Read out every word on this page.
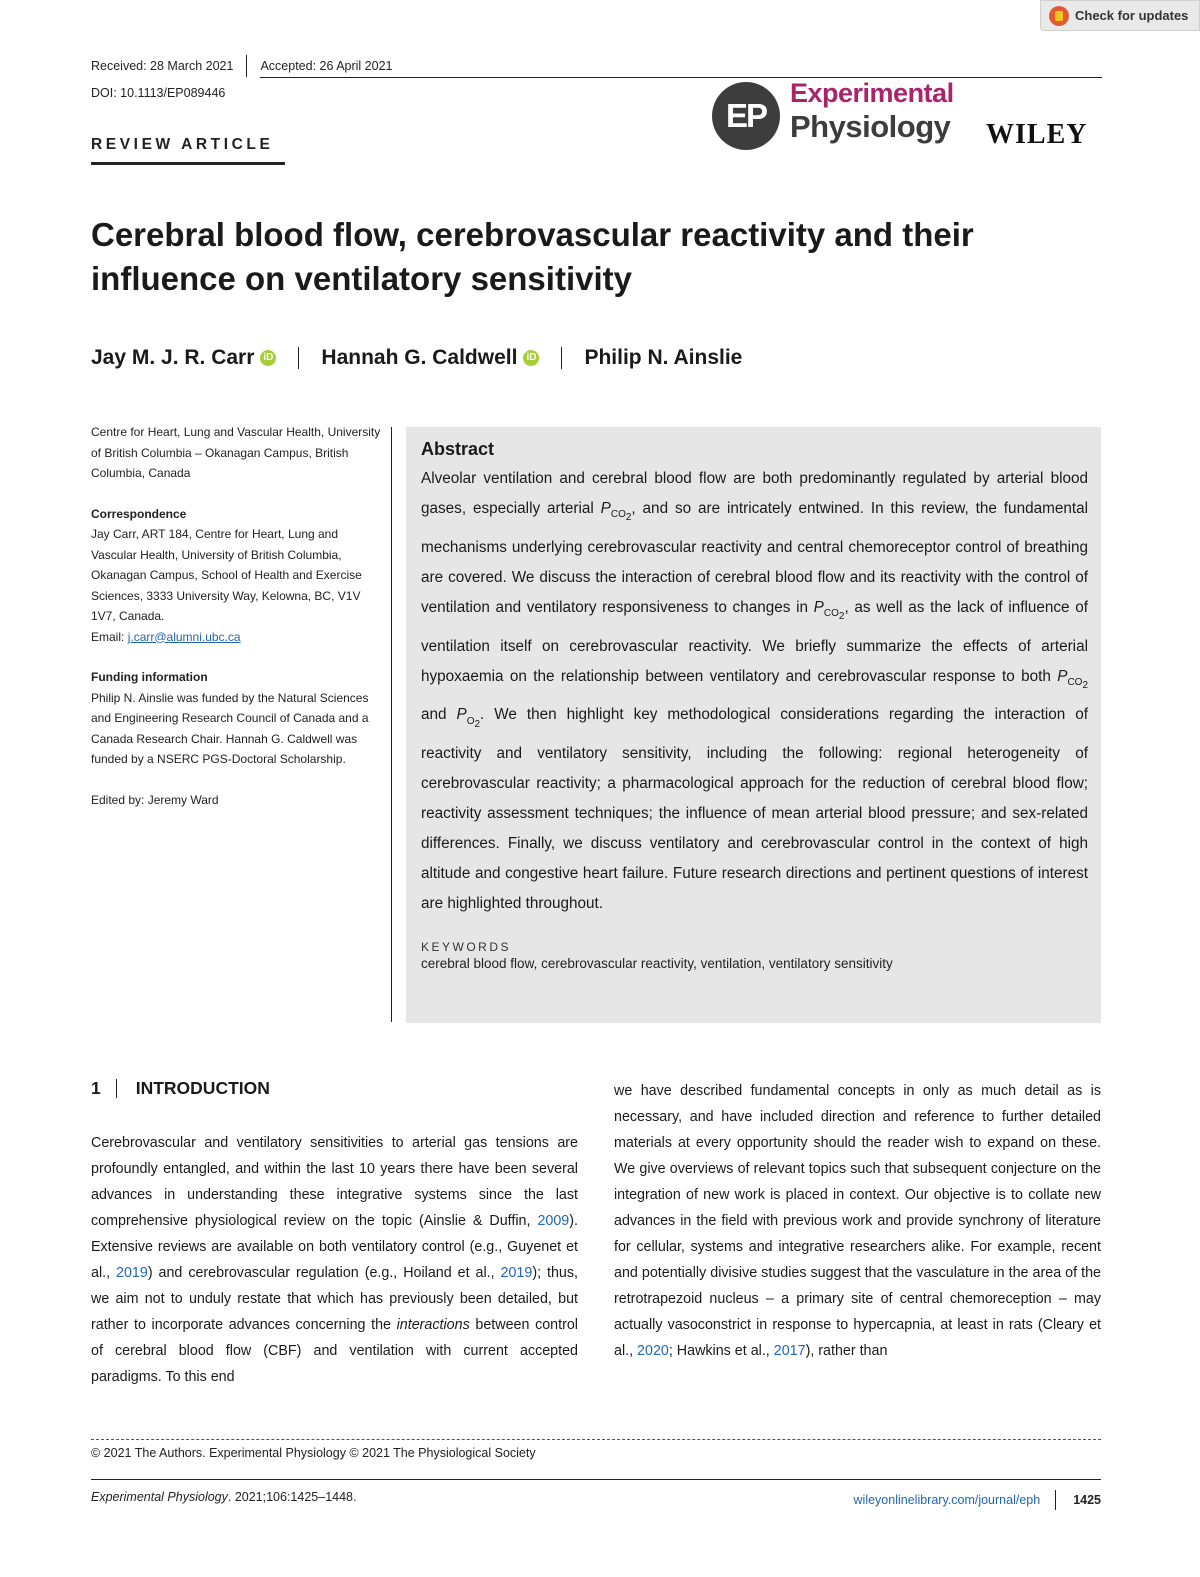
Check for updates
Received: 28 March 2021 Accepted: 26 April 2021
DOI: 10.1113/EP089446
REVIEW ARTICLE
EP
Experimental
Physiology WILEY
Cerebral blood flow, cerebrovascular reactivity and their influence on ventilatory sensitivity
Jay M. J. R. Carr iD Hannah G. Caldwell iD Philip N. Ainslie
Centre for Heart, Lung and Vascular Health, University of British Columbia – Okanagan Campus, British Columbia, Canada
Correspondence
Jay Carr, ART 184, Centre for Heart, Lung and Vascular Health, University of British Columbia, Okanagan Campus, School of Health and Exercise Sciences, 3333 University Way, Kelowna, BC, V1V 1V7, Canada.
Email: j.carr@alumni.ubc.ca
Funding information
Philip N. Ainslie was funded by the Natural Sciences and Engineering Research Council of Canada and a Canada Research Chair. Hannah G. Caldwell was funded by a NSERC PGS-Doctoral Scholarship.
Edited by: Jeremy Ward
Abstract

Alveolar ventilation and cerebral blood flow are both predominantly regulated by arterial blood gases, especially arterial $P_{CO_2}$, and so are intricately entwined. In this review, the fundamental mechanisms underlying cerebrovascular reactivity and central chemoreceptor control of breathing are covered. We discuss the interaction of cerebral blood flow and its reactivity with the control of ventilation and ventilatory responsiveness to changes in $P_{CO_2}$, as well as the lack of influence of ventilation itself on cerebrovascular reactivity. We briefly summarize the effects of arterial hypoxaemia on the relationship between ventilatory and cerebrovascular response to both $P_{CO_2}$ and $P_{O_2}$. We then highlight key methodological considerations regarding the interaction of reactivity and ventilatory sensitivity, including the following: regional heterogeneity of cerebrovascular reactivity; a pharmacological approach for the reduction of cerebral blood flow; reactivity assessment techniques; the influence of mean arterial blood pressure; and sex-related differences. Finally, we discuss ventilatory and cerebrovascular control in the context of high altitude and congestive heart failure. Future research directions and pertinent questions of interest are highlighted throughout.

KEYWORDS
cerebral blood flow, cerebrovascular reactivity, ventilation, ventilatory sensitivity
1 INTRODUCTION

Cerebrovascular and ventilatory sensitivities to arterial gas tensions are profoundly entangled, and within the last 10 years there have been several advances in understanding these integrative systems since the last comprehensive physiological review on the topic (Ainslie & Duffin, 2009). Extensive reviews are available on both ventilatory control (e.g., Guyenet et al., 2019) and cerebrovascular regulation (e.g., Hoiland et al., 2019); thus, we aim not to unduly restate that which has previously been detailed, but rather to incorporate advances concerning the interactions between control of cerebral blood flow (CBF) and ventilation with current accepted paradigms. To this end

we have described fundamental concepts in only as much detail as is necessary, and have included direction and reference to further detailed materials at every opportunity should the reader wish to expand on these. We give overviews of relevant topics such that subsequent conjecture on the integration of new work is placed in context. Our objective is to collate new advances in the field with previous work and provide synchrony of literature for cellular, systems and integrative researchers alike. For example, recent and potentially divisive studies suggest that the vasculature in the area of the retrotrapezoid nucleus – a primary site of central chemoreception – may actually vasoconstrict in response to hypercapnia, at least in rats (Cleary et al., 2020; Hawkins et al., 2017), rather than

© 2021 The Authors. Experimental Physiology © 2021 The Physiological Society
Experimental Physiology. 2021;106:1425–1448.	wileyonlinelibrary.com/journal/eph	1425
